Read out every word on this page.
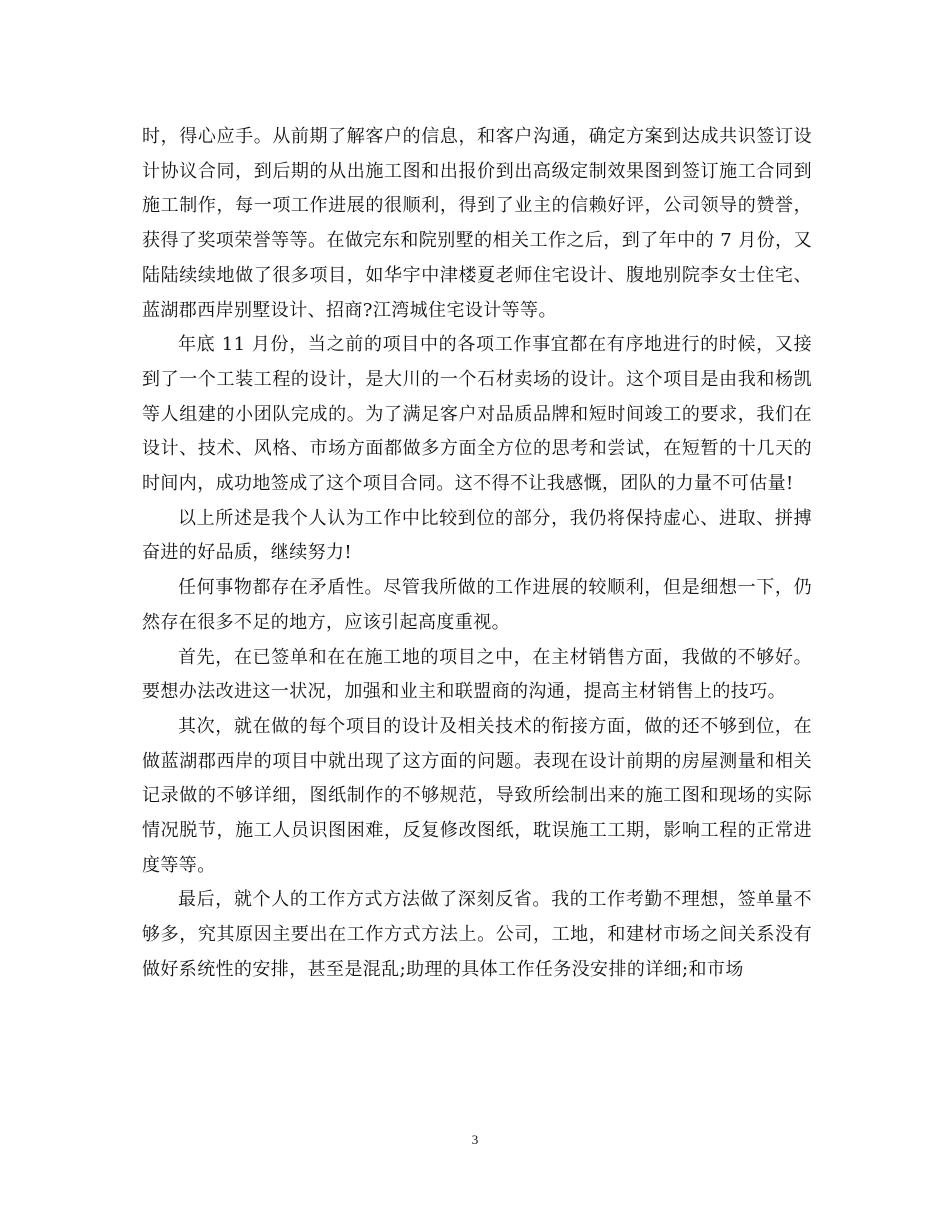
时，得心应手。从前期了解客户的信息，和客户沟通，确定方案到达成共识签订设计协议合同，到后期的从出施工图和出报价到出高级定制效果图到签订施工合同到施工制作，每一项工作进展的很顺利，得到了业主的信赖好评，公司领导的赞誉，获得了奖项荣誉等等。在做完东和院别墅的相关工作之后，到了年中的 7 月份，又陆陆续续地做了很多项目，如华宇中津楼夏老师住宅设计、腹地别院李女士住宅、蓝湖郡西岸别墅设计、招商?江湾城住宅设计等等。

年底 11 月份，当之前的项目中的各项工作事宜都在有序地进行的时候，又接到了一个工装工程的设计，是大川的一个石材卖场的设计。这个项目是由我和杨凯等人组建的小团队完成的。为了满足客户对品质品牌和短时间竣工的要求，我们在设计、技术、风格、市场方面都做多方面全方位的思考和尝试，在短暂的十几天的时间内，成功地签成了这个项目合同。这不得不让我感慨，团队的力量不可估量!

以上所述是我个人认为工作中比较到位的部分，我仍将保持虚心、进取、拼搏奋进的好品质，继续努力!

任何事物都存在矛盾性。尽管我所做的工作进展的较顺利，但是细想一下，仍然存在很多不足的地方，应该引起高度重视。

首先，在已签单和在在施工地的项目之中，在主材销售方面，我做的不够好。要想办法改进这一状况，加强和业主和联盟商的沟通，提高主材销售上的技巧。

其次，就在做的每个项目的设计及相关技术的衔接方面，做的还不够到位，在做蓝湖郡西岸的项目中就出现了这方面的问题。表现在设计前期的房屋测量和相关记录做的不够详细，图纸制作的不够规范，导致所绘制出来的施工图和现场的实际情况脱节，施工人员识图困难，反复修改图纸，耽误施工工期，影响工程的正常进度等等。

最后，就个人的工作方式方法做了深刻反省。我的工作考勤不理想，签单量不够多，究其原因主要出在工作方式方法上。公司，工地，和建材市场之间关系没有做好系统性的安排，甚至是混乱;助理的具体工作任务没安排的详细;和市场

3
